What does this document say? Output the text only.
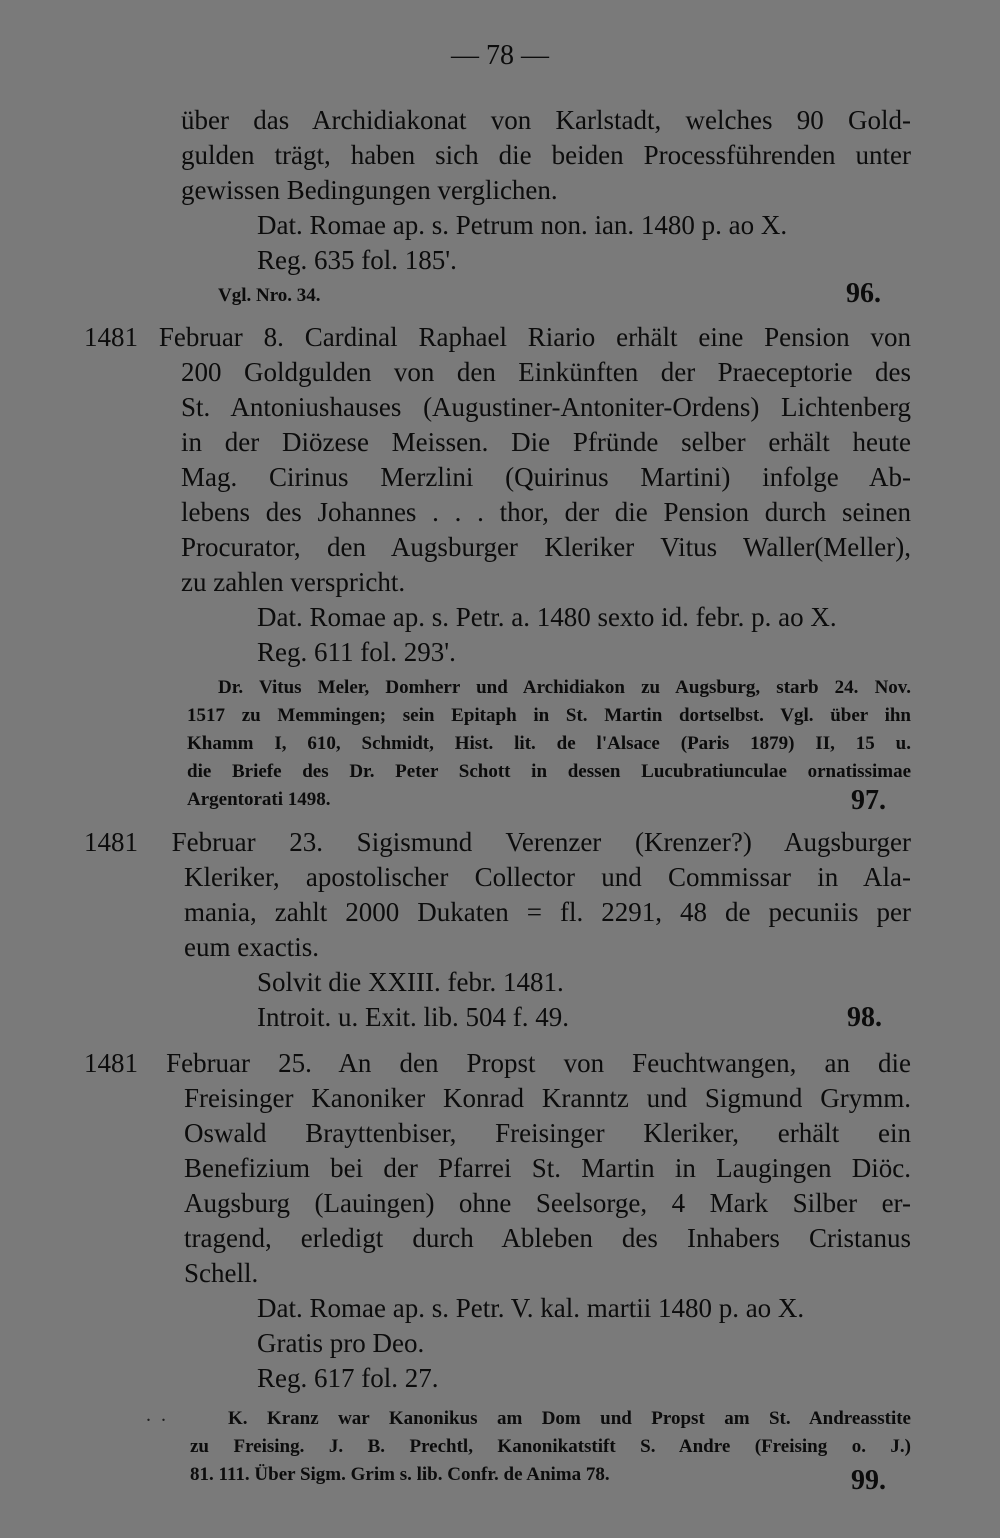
— 78 —
über das Archidiakonat von Karlstadt, welches 90 Gold-
gulden trägt, haben sich die beiden Processführenden unter
gewissen Bedingungen verglichen.
Dat. Romae ap. s. Petrum non. ian. 1480 p. ao X.
Reg. 635 fol. 185'.
Vgl. Nro. 34.	96.
1481 Februar 8. Cardinal Raphael Riario erhält eine Pension von
200 Goldgulden von den Einkünften der Praeceptorie des
St. Antoniushauses (Augustiner-Antoniter-Ordens) Lichtenberg
in der Diözese Meissen. Die Pfründe selber erhält heute
Mag. Cirinus Merzlini (Quirinus Martini) infolge Ab-
lebens des Johannes . . . thor, der die Pension durch seinen
Procurator, den Augsburger Kleriker Vitus Waller(Meller),
zu zahlen verspricht.
Dat. Romae ap. s. Petr. a. 1480 sexto id. febr. p. ao X.
Reg. 611 fol. 293'.
Dr. Vitus Meler, Domherr und Archidiakon zu Augsburg, starb 24. Nov.
1517 zu Memmingen; sein Epitaph in St. Martin dortselbst. Vgl. über ihn
Khamm I, 610, Schmidt, Hist. lit. de l'Alsace (Paris 1879) II, 15 u.
die Briefe des Dr. Peter Schott in dessen Lucubratiunculae ornatissimae
Argentorati 1498.	97.
1481 Februar 23. Sigismund Verenzer (Krenzer?) Augsburger
Kleriker, apostolischer Collector und Commissar in Ala-
mania, zahlt 2000 Dukaten = fl. 2291, 48 de pecuniis per
eum exactis.
Solvit die XXIII. febr. 1481.
Introit. u. Exit. lib. 504 f. 49.	98.
1481 Februar 25. An den Propst von Feuchtwangen, an die
Freisinger Kanoniker Konrad Kranntz und Sigmund Grymm.
Oswald Brayttenbiser, Freisinger Kleriker, erhält ein
Benefizium bei der Pfarrei St. Martin in Laugingen Diöc.
Augsburg (Lauingen) ohne Seelsorge, 4 Mark Silber er-
tragend, erledigt durch Ableben des Inhabers Cristanus
Schell.
Dat. Romae ap. s. Petr. V. kal. martii 1480 p. ao X.
Gratis pro Deo.
Reg. 617 fol. 27.
.  .	K. Kranz war Kanonikus am Dom und Propst am St. Andreasstite
zu Freising. J. B. Prechtl, Kanonikatstift S. Andre (Freising o. J.)
81. 111. Über Sigm. Grim s. lib. Confr. de Anima 78.	99.
